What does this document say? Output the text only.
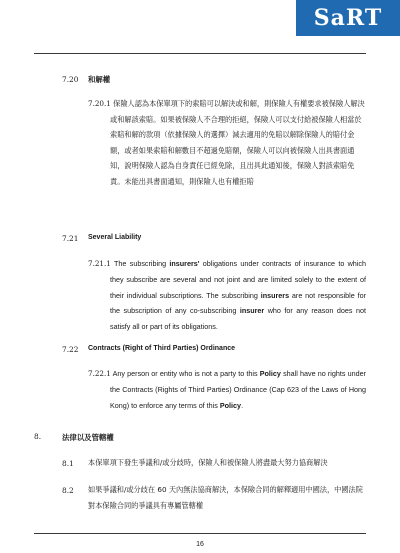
SaRT
7.20 和解權
7.20.1 保險人認為本保單項下的索賠可以解決或和解，則保險人有權要求被保險人解決或和解該索賠。如果被保險人不合理的拒絕，保險人可以支付給被保險人相當於索賠和解的款項（依據保險人的選擇）減去適用的免賠以解除保險人的賠付金額，或者如果索賠和解數目不超過免賠額，保險人可以向被保險人出具書面通知，說明保險人認為自身責任已經免除，且出具此通知後，保險人對該索賠免責。未能出具書面通知，則保險人也有權拒賠
7.21 Several Liability
7.21.1 The subscribing insurers' obligations under contracts of insurance to which they subscribe are several and not joint and are limited solely to the extent of their individual subscriptions. The subscribing insurers are not responsible for the subscription of any co-subscribing insurer who for any reason does not satisfy all or part of its obligations.
7.22 Contracts (Right of Third Parties) Ordinance
7.22.1 Any person or entity who is not a party to this Policy shall have no rights under the Contracts (Rights of Third Parties) Ordinance (Cap 623 of the Laws of Hong Kong) to enforce any terms of this Policy.
8.	法律以及管轄權
8.1 本保單項下發生爭議和/或分歧時，保險人和被保險人將盡最大努力協商解決
8.2 如果爭議和/或分歧在 60 天內無法協商解決，本保險合同的解釋適用中國法，中國法院對本保險合同的爭議具有專屬管轄權
16
